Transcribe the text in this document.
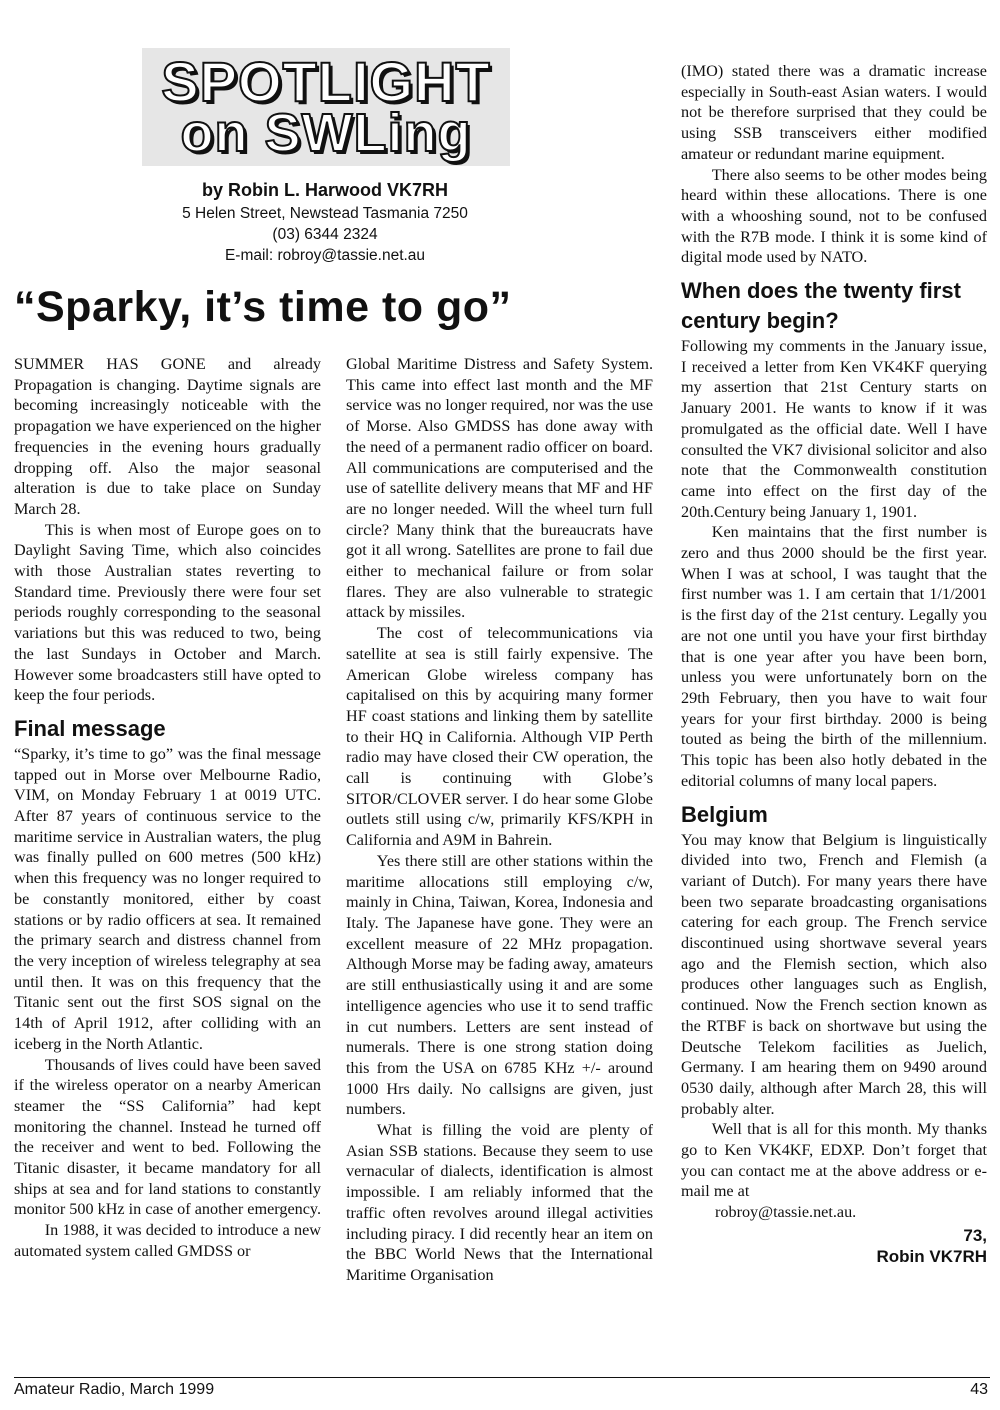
SPOTLIGHT
on SWLing
by Robin L. Harwood VK7RH
5 Helen Street, Newstead Tasmania 7250
(03) 6344 2324
E-mail: robroy@tassie.net.au
“Sparky, it’s time to go”

SUMMER HAS GONE and already Propagation is changing. Daytime signals are becoming increasingly noticeable with the propagation we have experienced on the higher frequencies in the evening hours gradually dropping off. Also the major seasonal alteration is due to take place on Sunday March 28.

This is when most of Europe goes on to Daylight Saving Time, which also coincides with those Australian states reverting to Standard time. Previously there were four set periods roughly corresponding to the seasonal variations but this was reduced to two, being the last Sundays in October and March. However some broadcasters still have opted to keep the four periods.

Final message

“Sparky, it’s time to go” was the final message tapped out in Morse over Melbourne Radio, VIM, on Monday February 1 at 0019 UTC. After 87 years of continuous service to the maritime service in Australian waters, the plug was finally pulled on 600 metres (500 kHz) when this frequency was no longer required to be constantly monitored, either by coast stations or by radio officers at sea. It remained the primary search and distress channel from the very inception of wireless telegraphy at sea until then. It was on this frequency that the Titanic sent out the first SOS signal on the 14th of April 1912, after colliding with an iceberg in the North Atlantic.

Thousands of lives could have been saved if the wireless operator on a nearby American steamer the “SS California” had kept monitoring the channel. Instead he turned off the receiver and went to bed. Following the Titanic disaster, it became mandatory for all ships at sea and for land stations to constantly monitor 500 kHz in case of another emergency.

In 1988, it was decided to introduce a new automated system called GMDSS or

Global Maritime Distress and Safety System. This came into effect last month and the MF service was no longer required, nor was the use of Morse. Also GMDSS has done away with the need of a permanent radio officer on board. All communications are computerised and the use of satellite delivery means that MF and HF are no longer needed. Will the wheel turn full circle? Many think that the bureaucrats have got it all wrong. Satellites are prone to fail due either to mechanical failure or from solar flares. They are also vulnerable to strategic attack by missiles.

The cost of telecommunications via satellite at sea is still fairly expensive. The American Globe wireless company has capitalised on this by acquiring many former HF coast stations and linking them by satellite to their HQ in California. Although VIP Perth radio may have closed their CW operation, the call is continuing with Globe’s SITOR/CLOVER server. I do hear some Globe outlets still using c/w, primarily KFS/KPH in California and A9M in Bahrein.

Yes there still are other stations within the maritime allocations still employing c/w, mainly in China, Taiwan, Korea, Indonesia and Italy. The Japanese have gone. They were an excellent measure of 22 MHz propagation. Although Morse may be fading away, amateurs are still enthusiastically using it and are some intelligence agencies who use it to send traffic in cut numbers. Letters are sent instead of numerals. There is one strong station doing this from the USA on 6785 KHz +/- around 1000 Hrs daily. No callsigns are given, just numbers.

What is filling the void are plenty of Asian SSB stations. Because they seem to use vernacular of dialects, identification is almost impossible. I am reliably informed that the traffic often revolves around illegal activities including piracy. I did recently hear an item on the BBC World News that the International Maritime Organisation

(IMO) stated there was a dramatic increase especially in South-east Asian waters. I would not be therefore surprised that they could be using SSB transceivers either modified amateur or redundant marine equipment.

There also seems to be other modes being heard within these allocations. There is one with a whooshing sound, not to be confused with the R7B mode. I think it is some kind of digital mode used by NATO.

When does the twenty first century begin?

Following my comments in the January issue, I received a letter from Ken VK4KF querying my assertion that 21st Century starts on January 2001. He wants to know if it was promulgated as the official date. Well I have consulted the VK7 divisional solicitor and also note that the Commonwealth constitution came into effect on the first day of the 20th.Century being January 1, 1901.

Ken maintains that the first number is zero and thus 2000 should be the first year. When I was at school, I was taught that the first number was 1. I am certain that 1/1/2001 is the first day of the 21st century. Legally you are not one until you have your first birthday that is one year after you have been born, unless you were unfortunately born on the 29th February, then you have to wait four years for your first birthday. 2000 is being touted as being the birth of the millennium. This topic has been also hotly debated in the editorial columns of many local papers.

Belgium

You may know that Belgium is linguistically divided into two, French and Flemish (a variant of Dutch). For many years there have been two separate broadcasting organisations catering for each group. The French service discontinued using shortwave several years ago and the Flemish section, which also produces other languages such as English, continued. Now the French section known as the RTBF is back on shortwave but using the Deutsche Telekom facilities as Juelich, Germany. I am hearing them on 9490 around 0530 daily, although after March 28, this will probably alter.

Well that is all for this month. My thanks go to Ken VK4KF, EDXP. Don’t forget that you can contact me at the above address or e-mail me at

robroy@tassie.net.au.

73,
Robin VK7RH
Amateur Radio, March 1999	43
